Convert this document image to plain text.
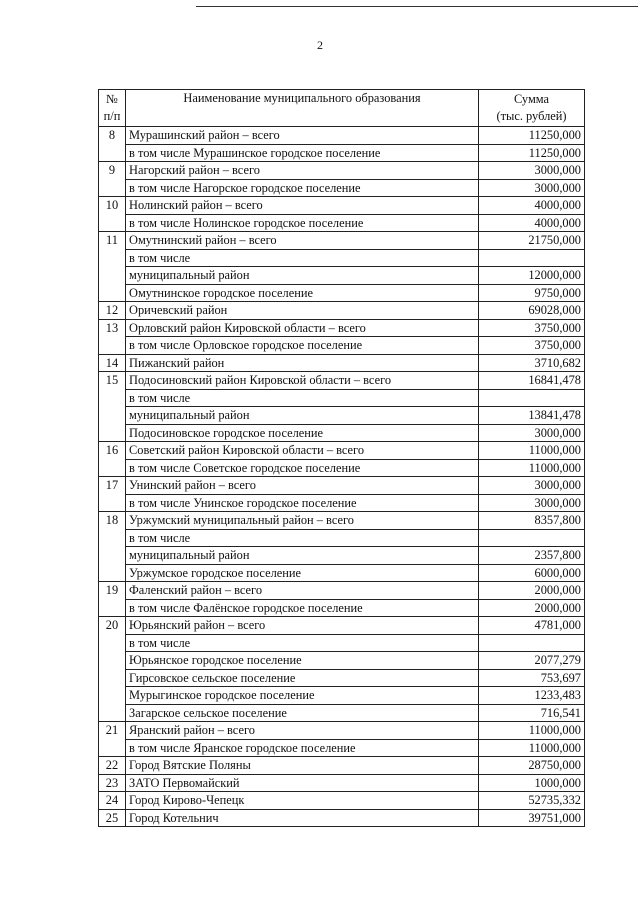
2
№
п/п	Наименование муниципального образования	Сумма
(тыс. рублей)
8	Мурашинский район – всего	11250,000
	в том числе Мурашинское городское поселение	11250,000
9	Нагорский район – всего	3000,000
	в том числе Нагорское городское поселение	3000,000
10	Нолинский район – всего	4000,000
	в том числе Нолинское городское поселение	4000,000
11	Омутнинский район – всего	21750,000
	в том числе	
	муниципальный район	12000,000
	Омутнинское городское поселение	9750,000
12	Оричевский район	69028,000
13	Орловский район Кировской области – всего	3750,000
	в том числе Орловское городское поселение	3750,000
14	Пижанский район	3710,682
15	Подосиновский район Кировской области – всего	16841,478
	в том числе	
	муниципальный район	13841,478
	Подосиновское городское поселение	3000,000
16	Советский район Кировской области – всего	11000,000
	в том числе Советское городское поселение	11000,000
17	Унинский район – всего	3000,000
	в том числе Унинское городское поселение	3000,000
18	Уржумский муниципальный район – всего	8357,800
	в том числе	
	муниципальный район	2357,800
	Уржумское городское поселение	6000,000
19	Фаленский район – всего	2000,000
	в том числе Фалёнское городское поселение	2000,000
20	Юрьянский район – всего	4781,000
	в том числе	
	Юрьянское городское поселение	2077,279
	Гирсовское сельское поселение	753,697
	Мурыгинское городское поселение	1233,483
	Загарское сельское поселение	716,541
21	Яранский район – всего	11000,000
	в том числе Яранское городское поселение	11000,000
22	Город Вятские Поляны	28750,000
23	ЗАТО Первомайский	1000,000
24	Город Кирово-Чепецк	52735,332
25	Город Котельнич	39751,000
